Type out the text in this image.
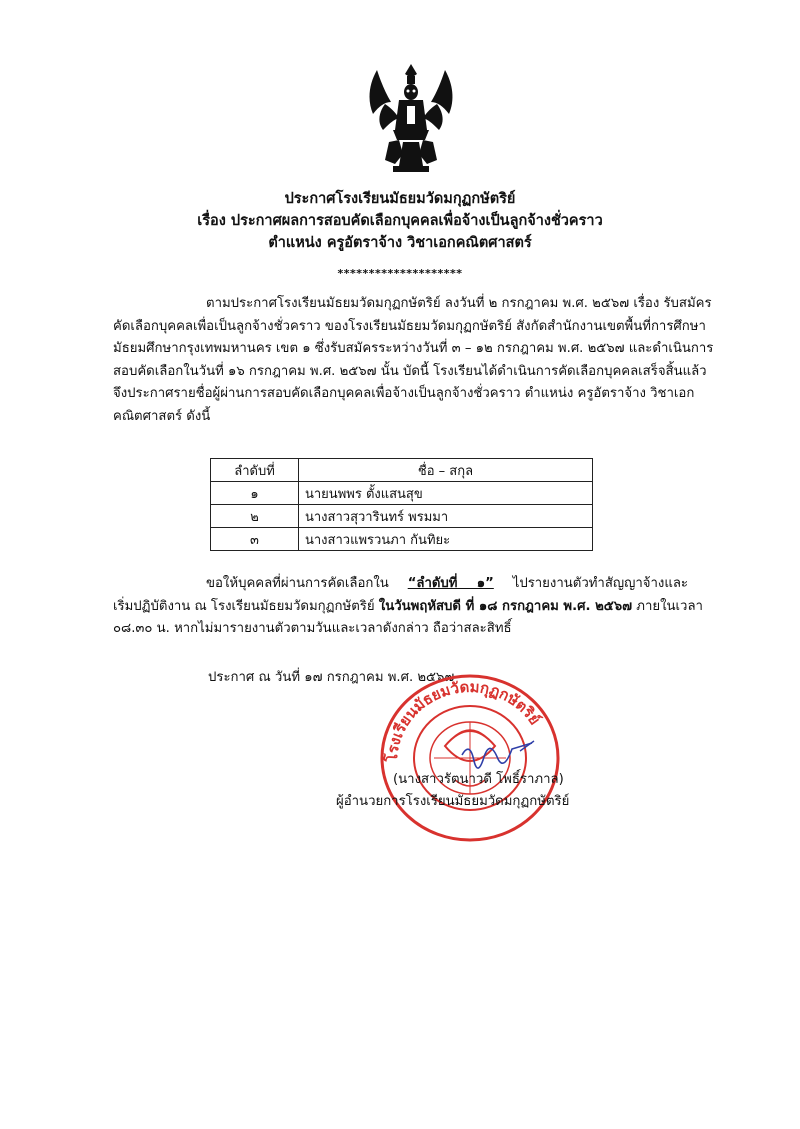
ประกาศโรงเรียนมัธยมวัดมกุฏกษัตริย์
เรื่อง ประกาศผลการสอบคัดเลือกบุคคลเพื่อจ้างเป็นลูกจ้างชั่วคราว
ตำแหน่ง ครูอัตราจ้าง วิชาเอกคณิตศาสตร์
********************
ตามประกาศโรงเรียนมัธยมวัดมกุฏกษัตริย์ ลงวันที่ ๒ กรกฎาคม พ.ศ. ๒๕๖๗ เรื่อง รับสมัคร
คัดเลือกบุคคลเพื่อเป็นลูกจ้างชั่วคราว ของโรงเรียนมัธยมวัดมกุฏกษัตริย์ สังกัดสำนักงานเขตพื้นที่การศึกษา
มัธยมศึกษากรุงเทพมหานคร เขต ๑ ซึ่งรับสมัครระหว่างวันที่ ๓ – ๑๒ กรกฎาคม พ.ศ. ๒๕๖๗ และดำเนินการ
สอบคัดเลือกในวันที่ ๑๖ กรกฎาคม พ.ศ. ๒๕๖๗ นั้น บัดนี้ โรงเรียนได้ดำเนินการคัดเลือกบุคคลเสร็จสิ้นแล้ว
จึงประกาศรายชื่อผู้ผ่านการสอบคัดเลือกบุคคลเพื่อจ้างเป็นลูกจ้างชั่วคราว ตำแหน่ง ครูอัตราจ้าง วิชาเอก
คณิตศาสตร์ ดังนี้
ลำดับที่	ชื่อ – สกุล
๑	นายนพพร ตั้งแสนสุข
๒	นางสาวสุวารินทร์ พรมมา
๓	นางสาวแพรวนภา กันทิยะ
ขอให้บุคคลที่ผ่านการคัดเลือกใน “ลำดับที่ ๑” ไปรายงานตัวทำสัญญาจ้างและ
เริ่มปฏิบัติงาน ณ โรงเรียนมัธยมวัดมกุฏกษัตริย์ ในวันพฤหัสบดี ที่ ๑๘ กรกฎาคม พ.ศ. ๒๕๖๗ ภายในเวลา
๐๘.๓๐ น. หากไม่มารายงานตัวตามวันและเวลาดังกล่าว ถือว่าสละสิทธิ์
ประกาศ ณ วันที่ ๑๗ กรกฎาคม พ.ศ. ๒๕๖๗
โรงเรียนมัธยมวัดมกุฏกษัตริย์
(นางสาวรัตนาวดี โพธิ์ราภาล)
ผู้อำนวยการโรงเรียนมัธยมวัดมกุฏกษัตริย์
